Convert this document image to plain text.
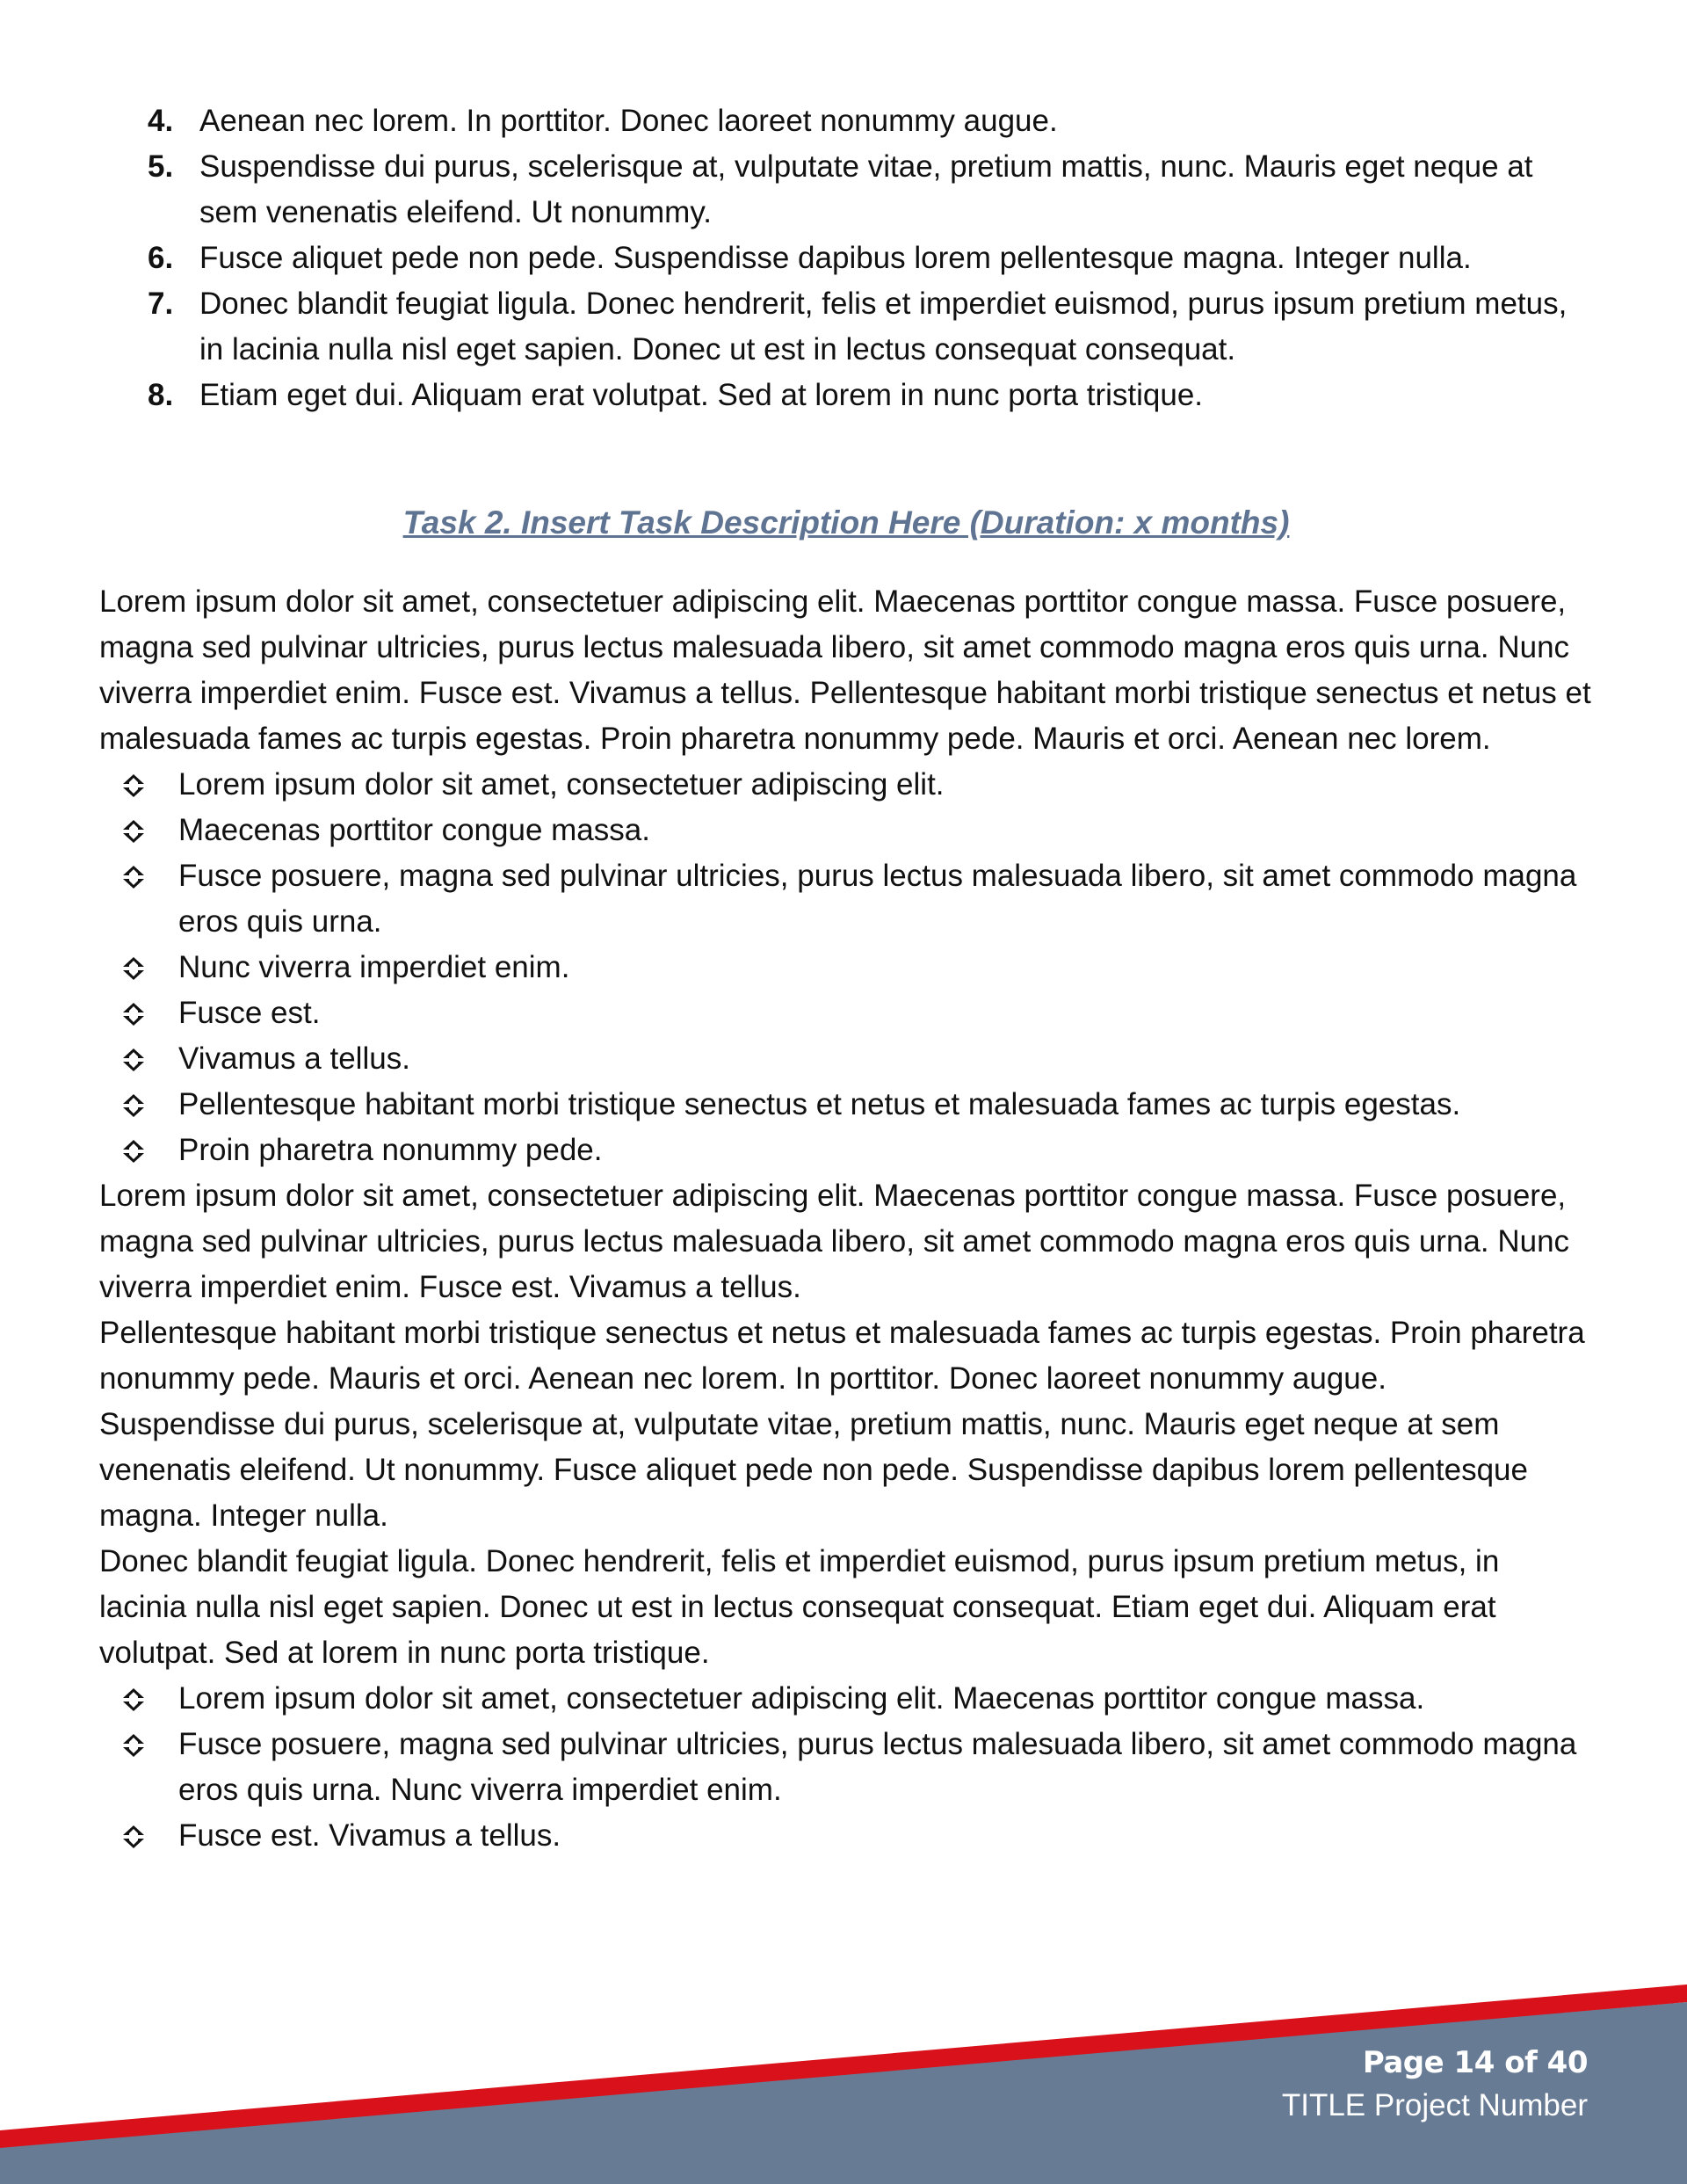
4. Aenean nec lorem. In porttitor. Donec laoreet nonummy augue.
5. Suspendisse dui purus, scelerisque at, vulputate vitae, pretium mattis, nunc. Mauris eget neque at sem venenatis eleifend. Ut nonummy.
6. Fusce aliquet pede non pede. Suspendisse dapibus lorem pellentesque magna. Integer nulla.
7. Donec blandit feugiat ligula. Donec hendrerit, felis et imperdiet euismod, purus ipsum pretium metus, in lacinia nulla nisl eget sapien. Donec ut est in lectus consequat consequat.
8. Etiam eget dui. Aliquam erat volutpat. Sed at lorem in nunc porta tristique.
Task 2. Insert Task Description Here (Duration: x months)
Lorem ipsum dolor sit amet, consectetuer adipiscing elit. Maecenas porttitor congue massa. Fusce posuere, magna sed pulvinar ultricies, purus lectus malesuada libero, sit amet commodo magna eros quis urna. Nunc viverra imperdiet enim. Fusce est. Vivamus a tellus. Pellentesque habitant morbi tristique senectus et netus et malesuada fames ac turpis egestas. Proin pharetra nonummy pede. Mauris et orci. Aenean nec lorem.
Lorem ipsum dolor sit amet, consectetuer adipiscing elit.
Maecenas porttitor congue massa.
Fusce posuere, magna sed pulvinar ultricies, purus lectus malesuada libero, sit amet commodo magna eros quis urna.
Nunc viverra imperdiet enim.
Fusce est.
Vivamus a tellus.
Pellentesque habitant morbi tristique senectus et netus et malesuada fames ac turpis egestas.
Proin pharetra nonummy pede.
Lorem ipsum dolor sit amet, consectetuer adipiscing elit. Maecenas porttitor congue massa. Fusce posuere, magna sed pulvinar ultricies, purus lectus malesuada libero, sit amet commodo magna eros quis urna. Nunc viverra imperdiet enim. Fusce est. Vivamus a tellus.
Pellentesque habitant morbi tristique senectus et netus et malesuada fames ac turpis egestas. Proin pharetra nonummy pede. Mauris et orci. Aenean nec lorem. In porttitor. Donec laoreet nonummy augue.
Suspendisse dui purus, scelerisque at, vulputate vitae, pretium mattis, nunc. Mauris eget neque at sem venenatis eleifend. Ut nonummy. Fusce aliquet pede non pede. Suspendisse dapibus lorem pellentesque magna. Integer nulla.
Donec blandit feugiat ligula. Donec hendrerit, felis et imperdiet euismod, purus ipsum pretium metus, in lacinia nulla nisl eget sapien. Donec ut est in lectus consequat consequat. Etiam eget dui. Aliquam erat volutpat. Sed at lorem in nunc porta tristique.
Lorem ipsum dolor sit amet, consectetuer adipiscing elit. Maecenas porttitor congue massa.
Fusce posuere, magna sed pulvinar ultricies, purus lectus malesuada libero, sit amet commodo magna eros quis urna. Nunc viverra imperdiet enim.
Fusce est. Vivamus a tellus.
Page 14 of 40
TITLE Project Number
